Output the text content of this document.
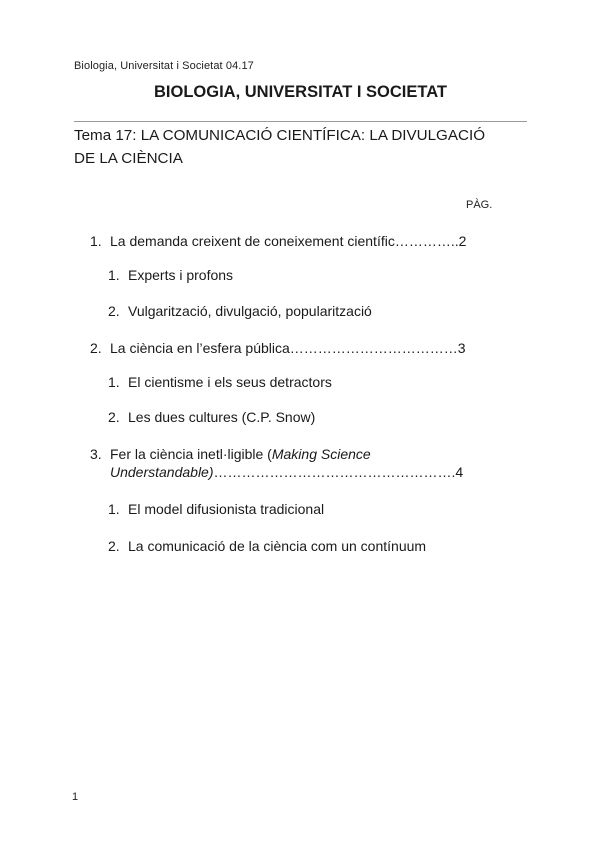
Biologia, Universitat i Societat 04.17
BIOLOGIA, UNIVERSITAT I SOCIETAT
Tema 17: LA COMUNICACIÓ CIENTÍFICA: LA DIVULGACIÓ
DE LA CIÈNCIA
PÀG.
1. La demanda creixent de coneixement científic…………..2
1. Experts i profons
2. Vulgarització, divulgació, popularització
2. La ciència en l’esfera pública………………………………3
1. El cientisme i els seus detractors
2. Les dues cultures (C.P. Snow)
3. Fer la ciència inetl·ligible (Making Science
Understandable)…………………………………………….4
1. El model difusionista tradicional
2. La comunicació de la ciència com un contínuum
1
